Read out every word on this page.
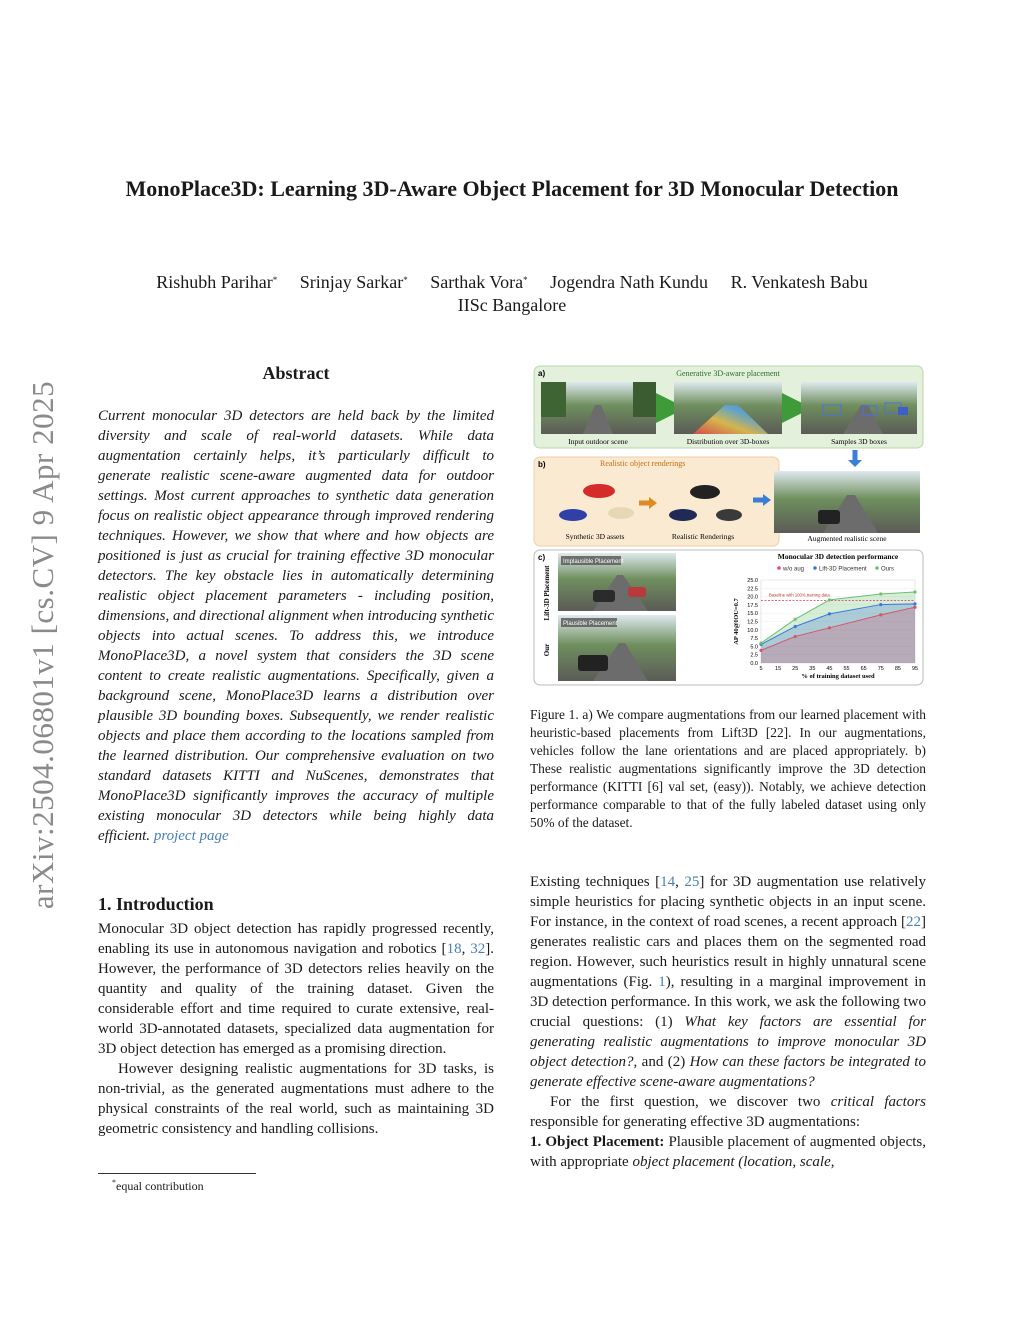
MonoPlace3D: Learning 3D-Aware Object Placement for 3D Monocular Detection
Rishubh Parihar* Srinjay Sarkar* Sarthak Vora* Jogendra Nath Kundu R. Venkatesh Babu
IISc Bangalore
arXiv:2504.06801v1 [cs.CV] 9 Apr 2025
Abstract
Current monocular 3D detectors are held back by the limited diversity and scale of real-world datasets. While data augmentation certainly helps, it’s particularly difficult to generate realistic scene-aware augmented data for outdoor settings. Most current approaches to synthetic data generation focus on realistic object appearance through improved rendering techniques. However, we show that where and how objects are positioned is just as crucial for training effective 3D monocular detectors. The key obstacle lies in automatically determining realistic object placement parameters - including position, dimensions, and directional alignment when introducing synthetic objects into actual scenes. To address this, we introduce MonoPlace3D, a novel system that considers the 3D scene content to create realistic augmentations. Specifically, given a background scene, MonoPlace3D learns a distribution over plausible 3D bounding boxes. Subsequently, we render realistic objects and place them according to the locations sampled from the learned distribution. Our comprehensive evaluation on two standard datasets KITTI and NuScenes, demonstrates that MonoPlace3D significantly improves the accuracy of multiple existing monocular 3D detectors while being highly data efficient. project page
1. Introduction

Monocular 3D object detection has rapidly progressed recently, enabling its use in autonomous navigation and robotics [18, 32]. However, the performance of 3D detectors relies heavily on the quantity and quality of the training dataset. Given the considerable effort and time required to curate extensive, real-world 3D-annotated datasets, specialized data augmentation for 3D object detection has emerged as a promising direction.

However designing realistic augmentations for 3D tasks, is non-trivial, as the generated augmentations must adhere to the physical constraints of the real world, such as maintaining 3D geometric consistency and handling collisions.

*equal contribution
a)	Generative 3D-aware placement
Input outdoor scene	Distribution over 3D-boxes	Samples 3D boxes
b)	Realistic object renderings
Synthetic 3D assets	Realistic Renderings	Augmented realistic scene
c)
Lift-3D Placement
Our
Implausible Placement
Plausible Placement
Monocular 3D detection performance
w/o aug Lift-3D Placement Ours
25.0
22.5
20.0
17.5
15.0
12.5
10.0
7.5
5.0
2.5
0.0
5 15 25 35 45 55 65 75 85 95
% of training dataset used
AP 40@IOU=0.7
Baseline with 100% training data
Figure 1. a) We compare augmentations from our learned placement with heuristic-based placements from Lift3D [22]. In our augmentations, vehicles follow the lane orientations and are placed appropriately. b) These realistic augmentations significantly improve the 3D detection performance (KITTI [6] val set, (easy)). Notably, we achieve detection performance comparable to that of the fully labeled dataset using only 50% of the dataset.

Existing techniques [14, 25] for 3D augmentation use relatively simple heuristics for placing synthetic objects in an input scene. For instance, in the context of road scenes, a recent approach [22] generates realistic cars and places them on the segmented road region. However, such heuristics result in highly unnatural scene augmentations (Fig. 1), resulting in a marginal improvement in 3D detection performance. In this work, we ask the following two crucial questions: (1) What key factors are essential for generating realistic augmentations to improve monocular 3D object detection?, and (2) How can these factors be integrated to generate effective scene-aware augmentations?

For the first question, we discover two critical factors responsible for generating effective 3D augmentations:

1. Object Placement: Plausible placement of augmented objects, with appropriate object placement (location, scale,
